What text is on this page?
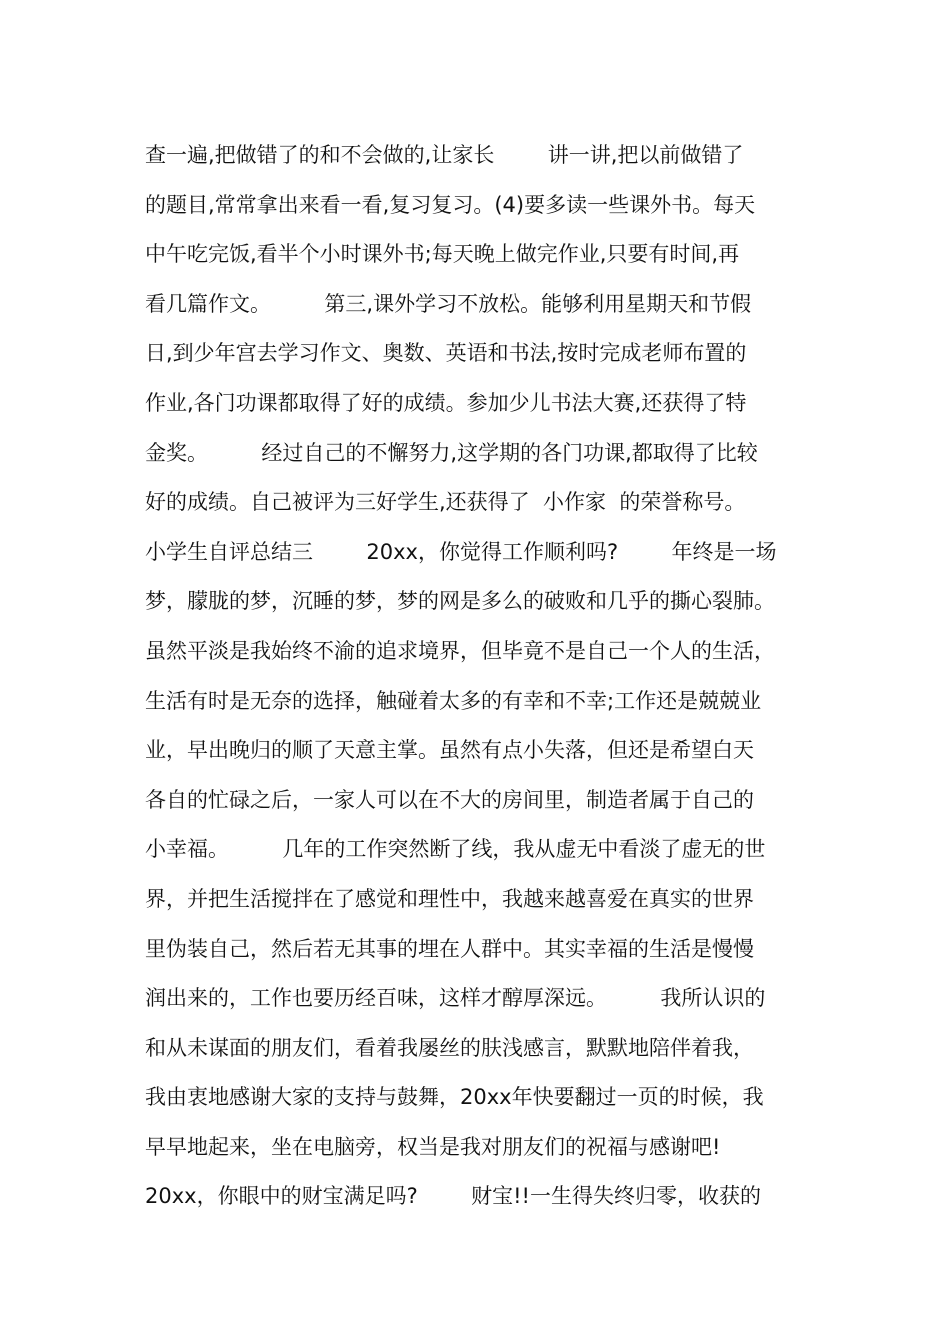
查一遍,把做错了的和不会做的,让家长        讲一讲,把以前做错了
的题目,常常拿出来看一看,复习复习。(4)要多读一些课外书。每天
中午吃完饭,看半个小时课外书;每天晚上做完作业,只要有时间,再
看几篇作文。        第三,课外学习不放松。能够利用星期天和节假
日,到少年宫去学习作文、奥数、英语和书法,按时完成老师布置的
作业,各门功课都取得了好的成绩。参加少儿书法大赛,还获得了特
金奖。        经过自己的不懈努力,这学期的各门功课,都取得了比较
好的成绩。自己被评为三好学生,还获得了  小作家  的荣誉称号。
小学生自评总结三        20xx，你觉得工作顺利吗?        年终是一场
梦，朦胧的梦，沉睡的梦，梦的网是多么的破败和几乎的撕心裂肺。
虽然平淡是我始终不渝的追求境界，但毕竟不是自己一个人的生活，
生活有时是无奈的选择，触碰着太多的有幸和不幸;工作还是兢兢业
业，早出晚归的顺了天意主掌。虽然有点小失落，但还是希望白天
各自的忙碌之后，一家人可以在不大的房间里，制造者属于自己的
小幸福。        几年的工作突然断了线，我从虚无中看淡了虚无的世
界，并把生活搅拌在了感觉和理性中，我越来越喜爱在真实的世界
里伪装自己，然后若无其事的埋在人群中。其实幸福的生活是慢慢
润出来的，工作也要历经百味，这样才醇厚深远。        我所认识的
和从未谋面的朋友们，看着我屡丝的肤浅感言，默默地陪伴着我，
我由衷地感谢大家的支持与鼓舞，20xx年快要翻过一页的时候，我
早早地起来，坐在电脑旁，权当是我对朋友们的祝福与感谢吧!
20xx，你眼中的财宝满足吗?        财宝!!一生得失终归零，收获的
